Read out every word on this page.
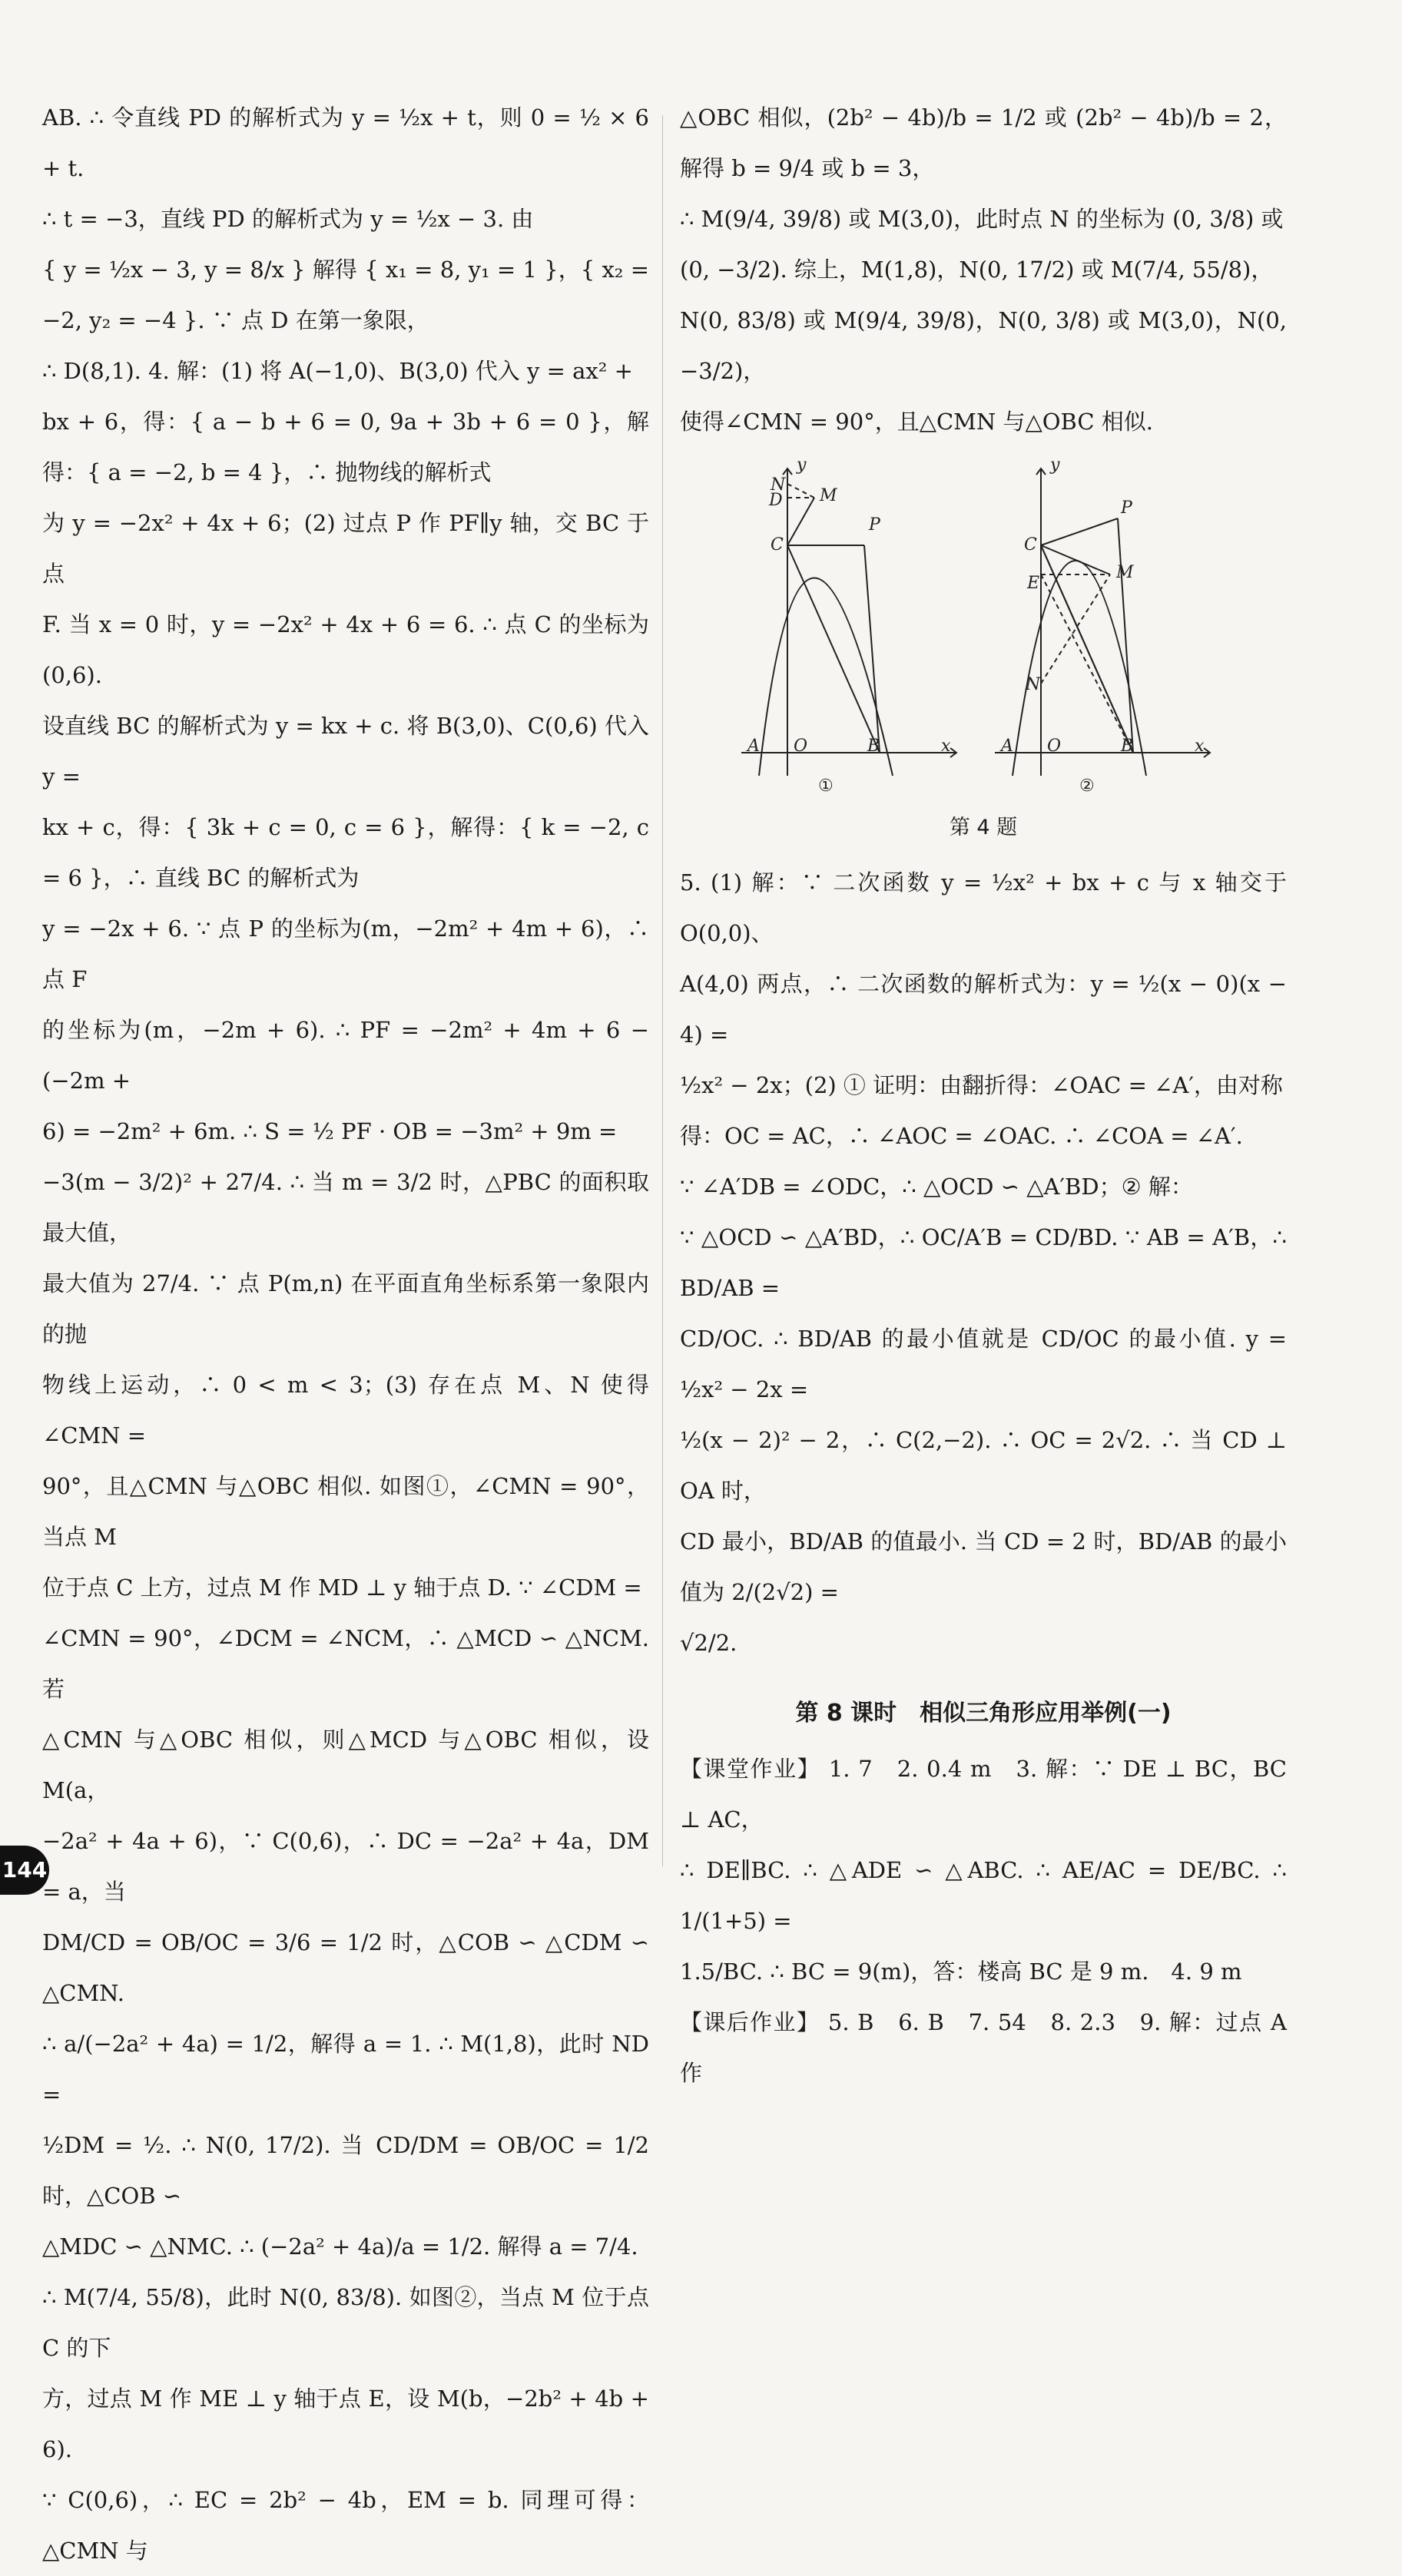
AB. ∴ 令直线 PD 的解析式为 y = ½x + t，则 0 = ½ × 6 + t.

∴ t = −3，直线 PD 的解析式为 y = ½x − 3. 由

{ y = ½x − 3, y = 8/x } 解得 { x₁ = 8, y₁ = 1 }，{ x₂ = −2, y₂ = −4 }. ∵ 点 D 在第一象限，

∴ D(8,1). 4. 解：(1) 将 A(−1,0)、B(3,0) 代入 y = ax² +

bx + 6，得：{ a − b + 6 = 0, 9a + 3b + 6 = 0 }，解得：{ a = −2, b = 4 }，∴ 抛物线的解析式

为 y = −2x² + 4x + 6；(2) 过点 P 作 PF∥y 轴，交 BC 于点

F. 当 x = 0 时，y = −2x² + 4x + 6 = 6. ∴ 点 C 的坐标为(0,6).

设直线 BC 的解析式为 y = kx + c. 将 B(3,0)、C(0,6) 代入 y =

kx + c，得：{ 3k + c = 0, c = 6 }，解得：{ k = −2, c = 6 }，∴ 直线 BC 的解析式为

y = −2x + 6. ∵ 点 P 的坐标为(m，−2m² + 4m + 6)，∴ 点 F

的坐标为(m，−2m + 6). ∴ PF = −2m² + 4m + 6 − (−2m +

6) = −2m² + 6m. ∴ S = ½ PF · OB = −3m² + 9m =

−3(m − 3/2)² + 27/4. ∴ 当 m = 3/2 时，△PBC 的面积取最大值，

最大值为 27/4. ∵ 点 P(m,n) 在平面直角坐标系第一象限内的抛

物线上运动，∴ 0 < m < 3；(3) 存在点 M、N 使得 ∠CMN =

90°，且△CMN 与△OBC 相似. 如图①，∠CMN = 90°，当点 M

位于点 C 上方，过点 M 作 MD ⊥ y 轴于点 D. ∵ ∠CDM =

∠CMN = 90°，∠DCM = ∠NCM，∴ △MCD ∽ △NCM. 若

△CMN 与△OBC 相似，则△MCD 与△OBC 相似，设 M(a，

−2a² + 4a + 6)，∵ C(0,6)，∴ DC = −2a² + 4a，DM = a，当

DM/CD = OB/OC = 3/6 = 1/2 时，△COB ∽ △CDM ∽ △CMN.

∴ a/(−2a² + 4a) = 1/2，解得 a = 1. ∴ M(1,8)，此时 ND =

½DM = ½. ∴ N(0, 17/2). 当 CD/DM = OB/OC = 1/2 时，△COB ∽

△MDC ∽ △NMC. ∴ (−2a² + 4a)/a = 1/2. 解得 a = 7/4.

∴ M(7/4, 55/8)，此时 N(0, 83/8). 如图②，当点 M 位于点 C 的下

方，过点 M 作 ME ⊥ y 轴于点 E，设 M(b，−2b² + 4b + 6).

∵ C(0,6)，∴ EC = 2b² − 4b，EM = b. 同理可得：△CMN 与

△OBC 相似，(2b² − 4b)/b = 1/2 或 (2b² − 4b)/b = 2，解得 b = 9/4 或 b = 3，

∴ M(9/4, 39/8) 或 M(3,0)，此时点 N 的坐标为 (0, 3/8) 或

(0, −3/2). 综上，M(1,8)，N(0, 17/2) 或 M(7/4, 55/8)，

N(0, 83/8) 或 M(9/4, 39/8)，N(0, 3/8) 或 M(3,0)，N(0, −3/2)，

使得∠CMN = 90°，且△CMN 与△OBC 相似.

y
N
D M
P
C
A O	B	x
①
y
C
P
E
M
N
A O	B	x
②
第 4 题

5. (1) 解：∵ 二次函数 y = ½x² + bx + c 与 x 轴交于 O(0,0)、

A(4,0) 两点，∴ 二次函数的解析式为：y = ½(x − 0)(x − 4) =

½x² − 2x；(2) ① 证明：由翻折得：∠OAC = ∠A′，由对称

得：OC = AC，∴ ∠AOC = ∠OAC. ∴ ∠COA = ∠A′.

∵ ∠A′DB = ∠ODC，∴ △OCD ∽ △A′BD；② 解：

∵ △OCD ∽ △A′BD，∴ OC/A′B = CD/BD. ∵ AB = A′B，∴ BD/AB =

CD/OC. ∴ BD/AB 的最小值就是 CD/OC 的最小值. y = ½x² − 2x =

½(x − 2)² − 2，∴ C(2,−2). ∴ OC = 2√2. ∴ 当 CD ⊥ OA 时，

CD 最小，BD/AB 的值最小. 当 CD = 2 时，BD/AB 的最小值为 2/(2√2) =

√2/2.

第 8 课时　相似三角形应用举例(一)

【课堂作业】 1. 7　2. 0.4 m　3. 解：∵ DE ⊥ BC，BC ⊥ AC，

∴ DE∥BC. ∴ △ADE ∽ △ABC. ∴ AE/AC = DE/BC. ∴ 1/(1+5) =

1.5/BC. ∴ BC = 9(m)，答：楼高 BC 是 9 m.　4. 9 m

【课后作业】 5. B　6. B　7. 54　8. 2.3　9. 解：过点 A 作

144
